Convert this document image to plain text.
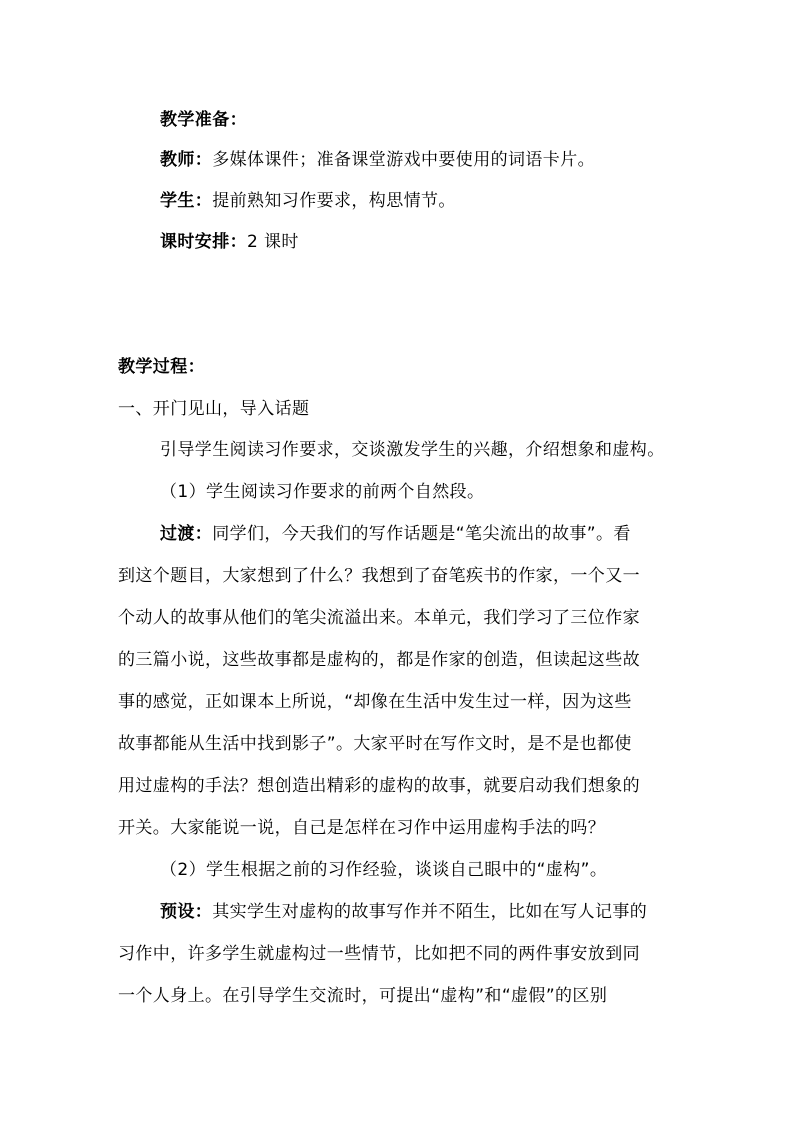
教学准备：
教师：多媒体课件；准备课堂游戏中要使用的词语卡片。
学生：提前熟知习作要求，构思情节。
课时安排：2 课时
教学过程：
一、开门见山，导入话题
引导学生阅读习作要求，交谈激发学生的兴趣，介绍想象和虚构。
（1）学生阅读习作要求的前两个自然段。
过渡：同学们，今天我们的写作话题是“笔尖流出的故事”。看
到这个题目，大家想到了什么？我想到了奋笔疾书的作家，一个又一
个动人的故事从他们的笔尖流溢出来。本单元，我们学习了三位作家
的三篇小说，这些故事都是虚构的，都是作家的创造，但读起这些故
事的感觉，正如课本上所说，“却像在生活中发生过一样，因为这些
故事都能从生活中找到影子”。大家平时在写作文时，是不是也都使
用过虚构的手法？想创造出精彩的虚构的故事，就要启动我们想象的
开关。大家能说一说，自己是怎样在习作中运用虚构手法的吗？
（2）学生根据之前的习作经验，谈谈自己眼中的“虚构”。
预设：其实学生对虚构的故事写作并不陌生，比如在写人记事的
习作中，许多学生就虚构过一些情节，比如把不同的两件事安放到同
一个人身上。在引导学生交流时，可提出“虚构”和“虚假”的区别
